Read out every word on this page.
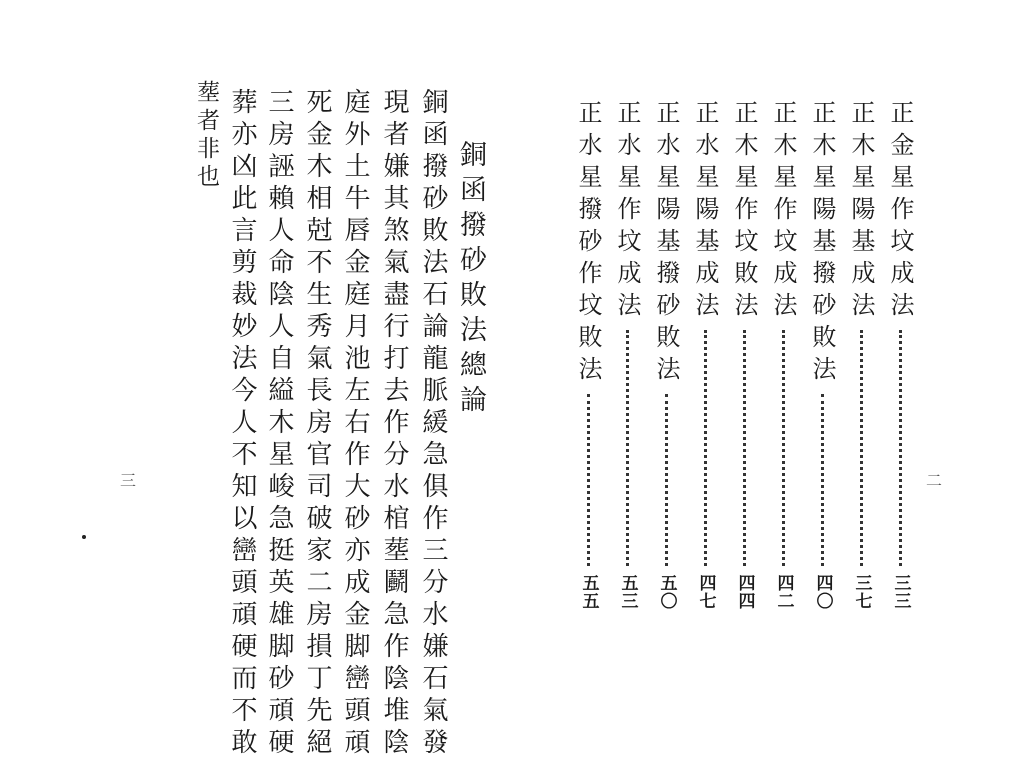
三
銅函撥砂敗法總論
銅函撥砂敗法石論龍脈緩急俱作三分水嫌石氣發
現者嫌其煞氣盡行打去作分水棺塟鬬急作陰堆陰
庭外土牛唇金庭月池左右作大砂亦成金脚巒頭頑
死金木相尅不生秀氣長房官司破家二房損丁先絕
三房誣賴人命陰人自縊木星峻急挺英雄脚砂頑硬
葬亦凶此言剪裁妙法今人不知以巒頭頑硬而不敢
塟者非也
二
正金星作坟成法
三三
正木星陽基成法
三七
正木星陽基撥砂敗法
四〇
正木星作坟成法
四二
正木星作坟敗法
四四
正水星陽基成法
四七
正水星陽基撥砂敗法
五〇
正水星作坟成法
五三
正水星撥砂作坟敗法
五五
